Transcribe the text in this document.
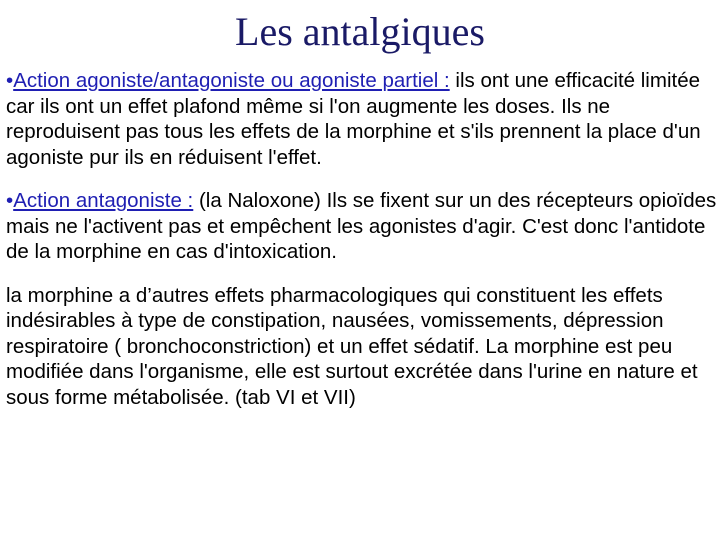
Les antalgiques

•Action agoniste/antagoniste ou agoniste partiel : ils ont une efficacité limitée car ils ont un effet plafond même si l'on augmente les doses. Ils ne reproduisent pas tous les effets de la morphine et s'ils prennent la place d'un agoniste pur ils en réduisent l'effet.

•Action antagoniste : (la Naloxone) Ils se fixent sur un des récepteurs opioïdes mais ne l'activent pas et empêchent les agonistes d'agir. C'est donc l'antidote de la morphine en cas d'intoxication.

la morphine a d’autres effets pharmacologiques qui constituent les effets indésirables à type de constipation, nausées, vomissements, dépression respiratoire ( bronchoconstriction) et un effet sédatif. La morphine est peu modifiée dans l'organisme, elle est surtout excrétée dans l'urine en nature et sous forme métabolisée. (tab VI et VII)
